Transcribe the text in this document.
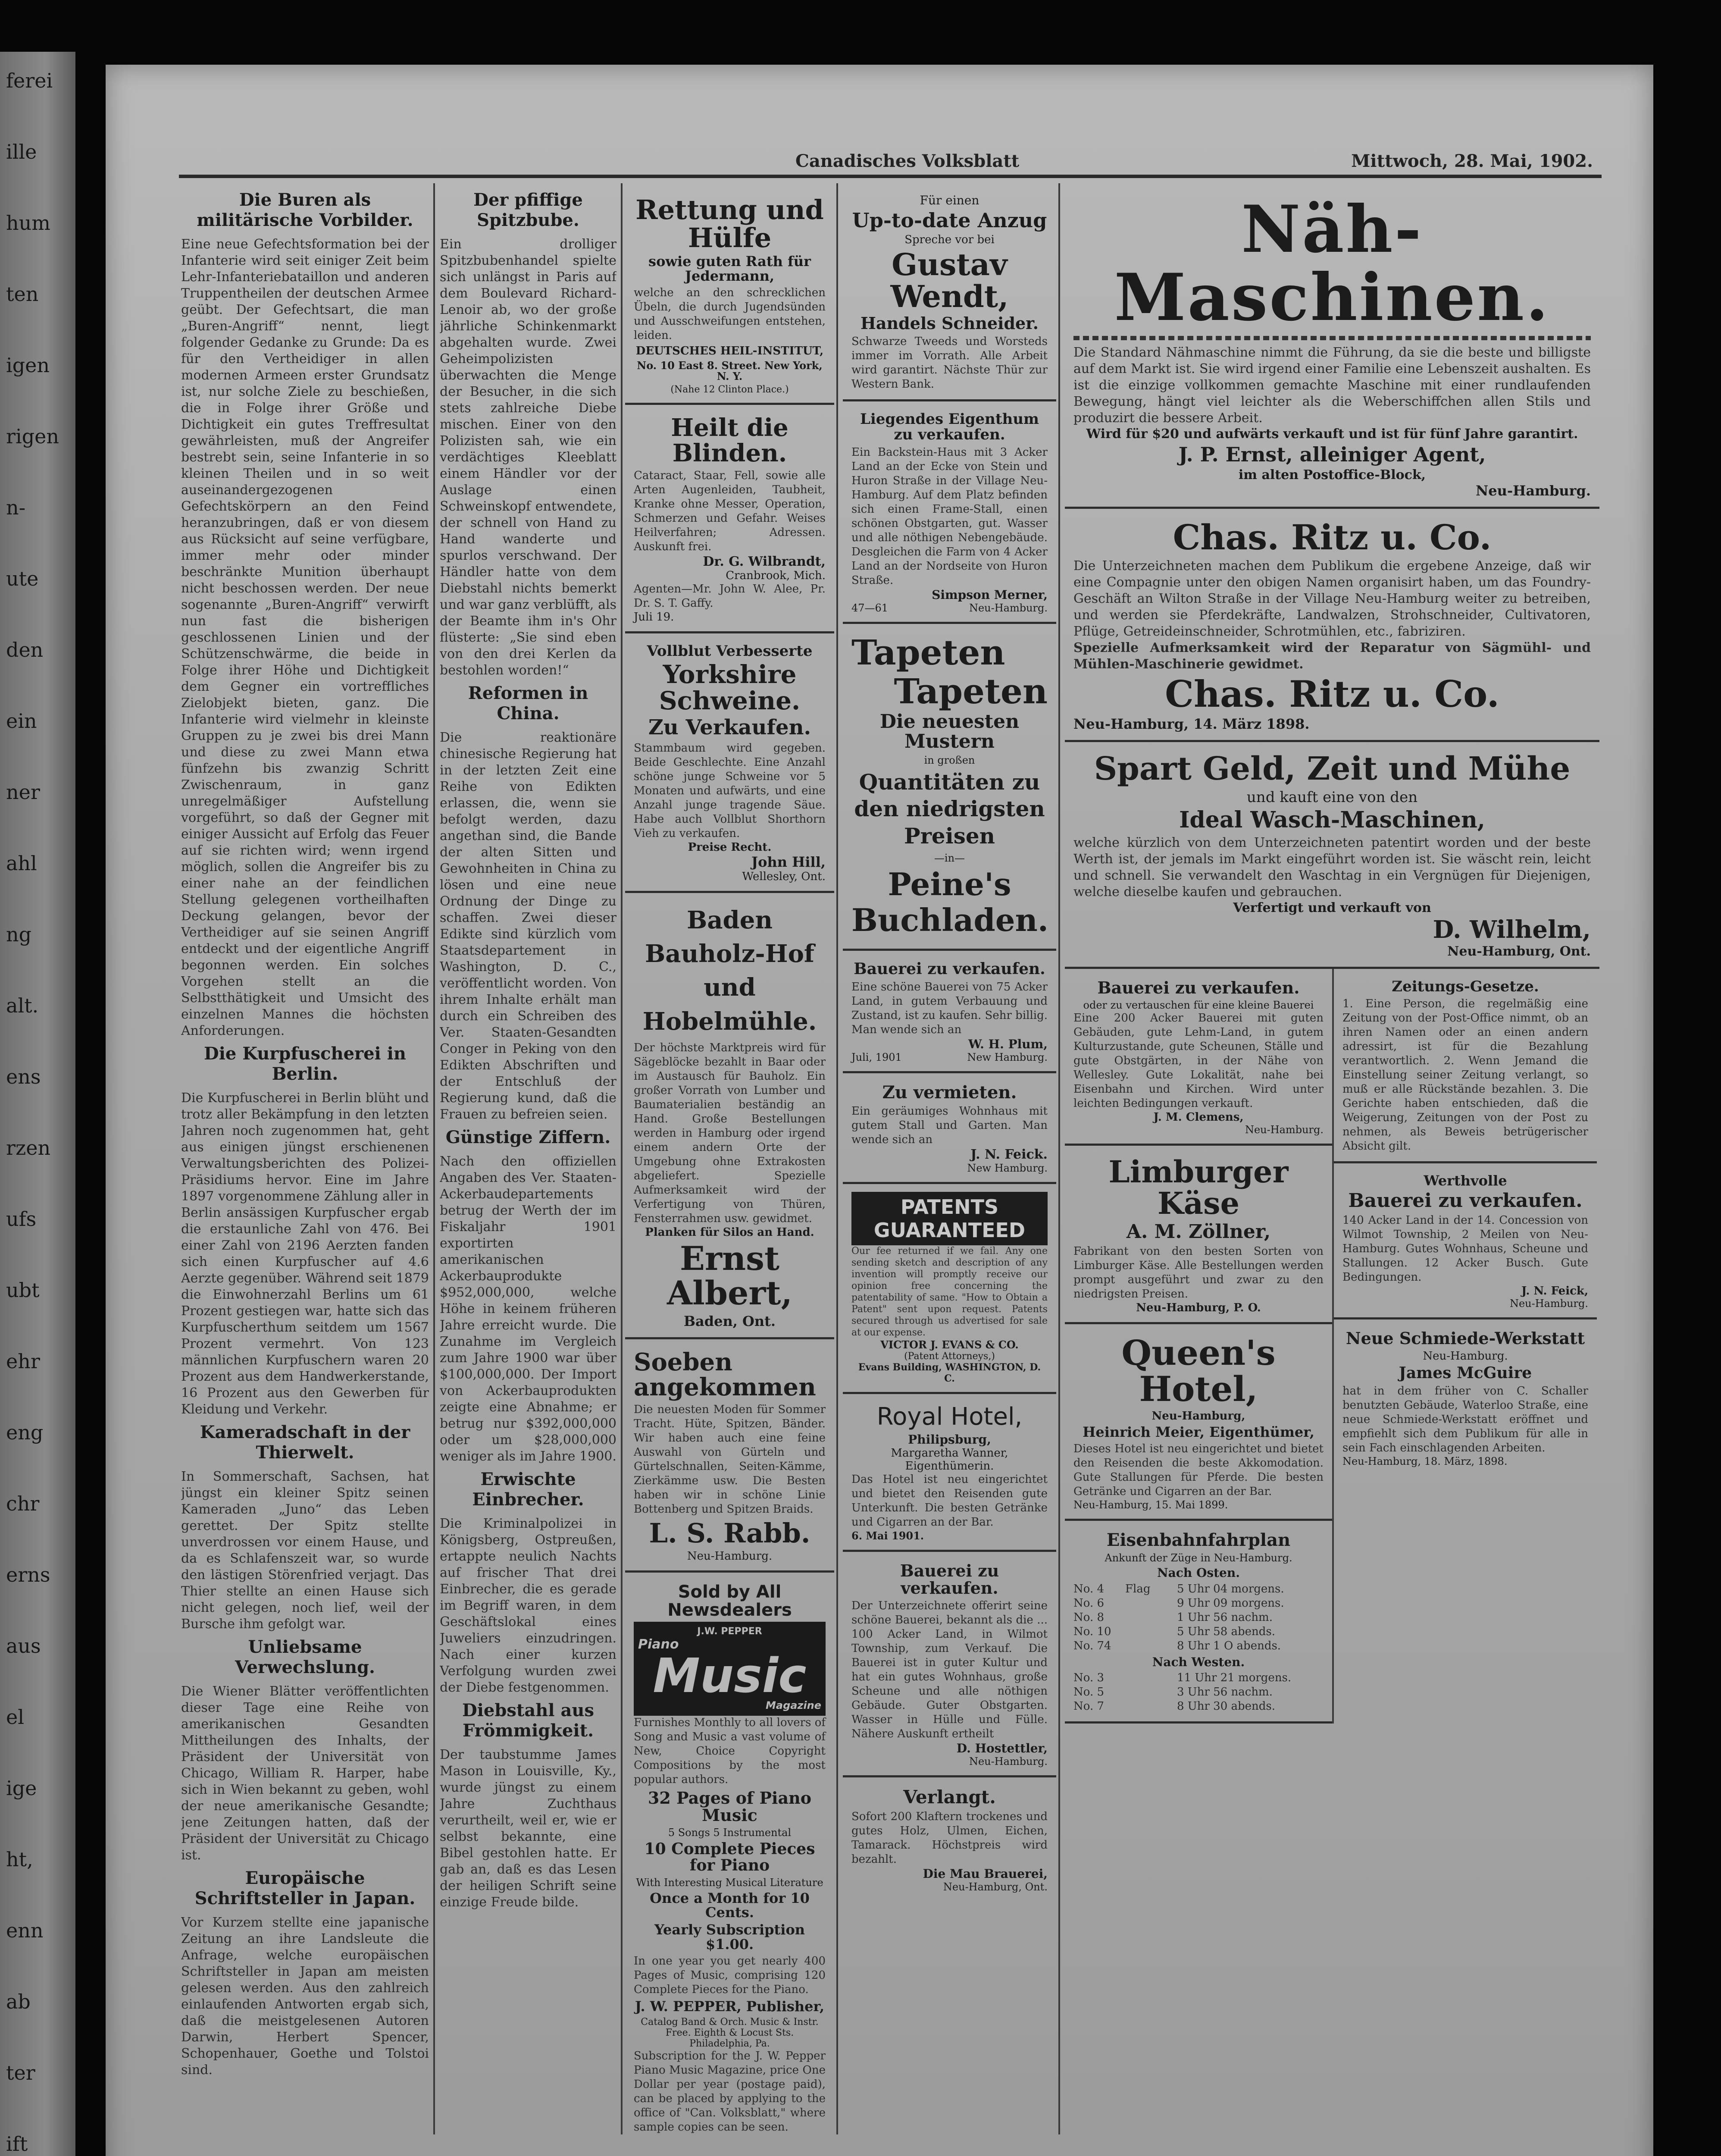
ferei
ille
hum
ten
igen
rigen
n-
ute
den
ein
ner
ahl
ng
alt.
ens
rzen
ufs
ubt
ehr
eng
chr
erns
aus
el
ige
ht,
enn
ab
ter
ift
Canadisches Volksblatt	Mittwoch, 28. Mai, 1902.
Die Buren als militärische Vorbilder.
Eine neue Gefechtsformation bei der Infanterie wird seit einiger Zeit beim Lehr-Infanteriebataillon und anderen Truppentheilen der deutschen Armee geübt. Der Gefechtsart, die man „Buren-Angriff“ nennt, liegt folgender Gedanke zu Grunde: Da es für den Vertheidiger in allen modernen Armeen erster Grundsatz ist, nur solche Ziele zu beschießen, die in Folge ihrer Größe und Dichtigkeit ein gutes Treffresultat gewährleisten, muß der Angreifer bestrebt sein, seine Infanterie in so kleinen Theilen und in so weit auseinandergezogenen Gefechtskörpern an den Feind heranzubringen, daß er von diesem aus Rücksicht auf seine verfügbare, immer mehr oder minder beschränkte Munition überhaupt nicht beschossen werden. Der neue sogenannte „Buren-Angriff“ verwirft nun fast die bisherigen geschlossenen Linien und der Schützenschwärme, die beide in Folge ihrer Höhe und Dichtigkeit dem Gegner ein vortreffliches Zielobjekt bieten, ganz. Die Infanterie wird vielmehr in kleinste Gruppen zu je zwei bis drei Mann und diese zu zwei Mann etwa fünfzehn bis zwanzig Schritt Zwischenraum, in ganz unregelmäßiger Aufstellung vorgeführt, so daß der Gegner mit einiger Aussicht auf Erfolg das Feuer auf sie richten wird; wenn irgend möglich, sollen die Angreifer bis zu einer nahe an der feindlichen Stellung gelegenen vortheilhaften Deckung gelangen, bevor der Vertheidiger auf sie seinen Angriff entdeckt und der eigentliche Angriff begonnen werden. Ein solches Vorgehen stellt an die Selbstthätigkeit und Umsicht des einzelnen Mannes die höchsten Anforderungen.
Die Kurpfuscherei in Berlin.
Die Kurpfuscherei in Berlin blüht und trotz aller Bekämpfung in den letzten Jahren noch zugenommen hat, geht aus einigen jüngst erschienenen Verwaltungsberichten des Polizei-Präsidiums hervor. Eine im Jahre 1897 vorgenommene Zählung aller in Berlin ansässigen Kurpfuscher ergab die erstaunliche Zahl von 476. Bei einer Zahl von 2196 Aerzten fanden sich einen Kurpfuscher auf 4.6 Aerzte gegenüber. Während seit 1879 die Einwohnerzahl Berlins um 61 Prozent gestiegen war, hatte sich das Kurpfuscherthum seitdem um 1567 Prozent vermehrt. Von 123 männlichen Kurpfuschern waren 20 Prozent aus dem Handwerkerstande, 16 Prozent aus den Gewerben für Kleidung und Verkehr.
Kameradschaft in der Thierwelt.
In Sommerschaft, Sachsen, hat jüngst ein kleiner Spitz seinen Kameraden „Juno“ das Leben gerettet. Der Spitz stellte unverdrossen vor einem Hause, und da es Schlafenszeit war, so wurde den lästigen Störenfried verjagt. Das Thier stellte an einen Hause sich nicht gelegen, noch lief, weil der Bursche ihm gefolgt war.
Unliebsame Verwechslung.
Die Wiener Blätter veröffentlichten dieser Tage eine Reihe von amerikanischen Gesandten Mittheilungen des Inhalts, der Präsident der Universität von Chicago, William R. Harper, habe sich in Wien bekannt zu geben, wohl der neue amerikanische Gesandte; jene Zeitungen hatten, daß der Präsident der Universität zu Chicago ist.
Europäische Schriftsteller in Japan.
Vor Kurzem stellte eine japanische Zeitung an ihre Landsleute die Anfrage, welche europäischen Schriftsteller in Japan am meisten gelesen werden. Aus den zahlreich einlaufenden Antworten ergab sich, daß die meistgelesenen Autoren Darwin, Herbert Spencer, Schopenhauer, Goethe und Tolstoi sind.
Der pfiffige Spitzbube.
Ein drolliger Spitzbubenhandel spielte sich unlängst in Paris auf dem Boulevard Richard-Lenoir ab, wo der große jährliche Schinkenmarkt abgehalten wurde. Zwei Geheimpolizisten überwachten die Menge der Besucher, in die sich stets zahlreiche Diebe mischen. Einer von den Polizisten sah, wie ein verdächtiges Kleeblatt einem Händler vor der Auslage einen Schweinskopf entwendete, der schnell von Hand zu Hand wanderte und spurlos verschwand. Der Händler hatte von dem Diebstahl nichts bemerkt und war ganz verblüfft, als der Beamte ihm in's Ohr flüsterte: „Sie sind eben von den drei Kerlen da bestohlen worden!“
Reformen in China.
Die reaktionäre chinesische Regierung hat in der letzten Zeit eine Reihe von Edikten erlassen, die, wenn sie befolgt werden, dazu angethan sind, die Bande der alten Sitten und Gewohnheiten in China zu lösen und eine neue Ordnung der Dinge zu schaffen. Zwei dieser Edikte sind kürzlich vom Staatsdepartement in Washington, D. C., veröffentlicht worden. Von ihrem Inhalte erhält man durch ein Schreiben des Ver. Staaten-Gesandten Conger in Peking von den Edikten Abschriften und der Entschluß der Regierung kund, daß die Frauen zu befreien seien.
Günstige Ziffern.
Nach den offiziellen Angaben des Ver. Staaten-Ackerbaudepartements betrug der Werth der im Fiskaljahr 1901 exportirten amerikanischen Ackerbauprodukte $952,000,000, welche Höhe in keinem früheren Jahre erreicht wurde. Die Zunahme im Vergleich zum Jahre 1900 war über $100,000,000. Der Import von Ackerbauprodukten zeigte eine Abnahme; er betrug nur $392,000,000 oder um $28,000,000 weniger als im Jahre 1900.
Erwischte Einbrecher.
Die Kriminalpolizei in Königsberg, Ostpreußen, ertappte neulich Nachts auf frischer That drei Einbrecher, die es gerade im Begriff waren, in dem Geschäftslokal eines Juweliers einzudringen. Nach einer kurzen Verfolgung wurden zwei der Diebe festgenommen.
Diebstahl aus Frömmigkeit.
Der taubstumme James Mason in Louisville, Ky., wurde jüngst zu einem Jahre Zuchthaus verurtheilt, weil er, wie er selbst bekannte, eine Bibel gestohlen hatte. Er gab an, daß es das Lesen der heiligen Schrift seine einzige Freude bilde.
Rettung und Hülfe
sowie guten Rath für Jedermann,
welche an den schrecklichen Übeln, die durch Jugendsünden und Ausschweifungen entstehen, leiden.
DEUTSCHES HEIL-INSTITUT,
No. 10 East 8. Street. New York, N. Y.
(Nahe 12 Clinton Place.)
Heilt die Blinden.
Cataract, Staar, Fell, sowie alle Arten Augenleiden, Taubheit, Kranke ohne Messer, Operation, Schmerzen und Gefahr. Weises Heilverfahren; Adressen. Auskunft frei.
Dr. G. Wilbrandt,
Cranbrook, Mich.
Agenten—Mr. John W. Alee, Pr. Dr. S. T. Gaffy.
Juli 19.
Vollblut Verbesserte
Yorkshire Schweine.
Zu Verkaufen.
Stammbaum wird gegeben. Beide Geschlechte. Eine Anzahl schöne junge Schweine vor 5 Monaten und aufwärts, und eine Anzahl junge tragende Säue. Habe auch Vollblut Shorthorn Vieh zu verkaufen.
Preise Recht.
John Hill,
Wellesley, Ont.
Baden Bauholz-Hof und Hobelmühle.
Der höchste Marktpreis wird für Sägeblöcke bezahlt in Baar oder im Austausch für Bauholz. Ein großer Vorrath von Lumber und Baumaterialien beständig an Hand. Große Bestellungen werden in Hamburg oder irgend einem andern Orte der Umgebung ohne Extrakosten abgeliefert. Spezielle Aufmerksamkeit wird der Verfertigung von Thüren, Fensterrahmen usw. gewidmet.
Planken für Silos an Hand.
Ernst Albert,
Baden, Ont.
Soeben angekommen
Die neuesten Moden für Sommer Tracht. Hüte, Spitzen, Bänder. Wir haben auch eine feine Auswahl von Gürteln und Gürtelschnallen, Seiten-Kämme, Zierkämme usw. Die Besten haben wir in schöne Linie Bottenberg und Spitzen Braids.
L. S. Rabb.
Neu-Hamburg.
Sold by All Newsdealers
J.W. PEPPER
Piano
Music
Magazine
Furnishes Monthly to all lovers of Song and Music a vast volume of New, Choice Copyright Compositions by the most popular authors.
32 Pages of Piano Music
5 Songs 5 Instrumental
10 Complete Pieces for Piano
With Interesting Musical Literature
Once a Month for 10 Cents.
Yearly Subscription $1.00.
In one year you get nearly 400 Pages of Music, comprising 120 Complete Pieces for the Piano.
J. W. PEPPER, Publisher,
Catalog Band & Orch. Music & Instr. Free. Eighth & Locust Sts. Philadelphia, Pa.
Subscription for the J. W. Pepper Piano Music Magazine, price One Dollar per year (postage paid), can be placed by applying to the office of "Can. Volksblatt," where sample copies can be seen.
Für einen
Up-to-date Anzug
Spreche vor bei
Gustav Wendt,
Handels Schneider.
Schwarze Tweeds und Worsteds immer im Vorrath. Alle Arbeit wird garantirt. Nächste Thür zur Western Bank.
Liegendes Eigenthum zu verkaufen.
Ein Backstein-Haus mit 3 Acker Land an der Ecke von Stein und Huron Straße in der Village Neu-Hamburg. Auf dem Platz befinden sich einen Frame-Stall, einen schönen Obstgarten, gut. Wasser und alle nöthigen Nebengebäude. Desgleichen die Farm von 4 Acker Land an der Nordseite von Huron Straße.
Simpson Merner,
47—61	Neu-Hamburg.
Tapeten
Tapeten
Die neuesten Mustern
in großen
Quantitäten zu den niedrigsten Preisen
—in—
Peine's Buchladen.
Bauerei zu verkaufen.
Eine schöne Bauerei von 75 Acker Land, in gutem Verbauung und Zustand, ist zu kaufen. Sehr billig. Man wende sich an
W. H. Plum,
Juli, 1901	New Hamburg.
Zu vermieten.
Ein geräumiges Wohnhaus mit gutem Stall und Garten. Man wende sich an
J. N. Feick.
New Hamburg.
PATENTS GUARANTEED
Our fee returned if we fail. Any one sending sketch and description of any invention will promptly receive our opinion free concerning the patentability of same. "How to Obtain a Patent" sent upon request. Patents secured through us advertised for sale at our expense.
VICTOR J. EVANS & CO.
(Patent Attorneys,)
Evans Building, WASHINGTON, D. C.
Royal Hotel,
Philipsburg,
Margaretha Wanner, Eigenthümerin.
Das Hotel ist neu eingerichtet und bietet den Reisenden gute Unterkunft. Die besten Getränke und Cigarren an der Bar.
6. Mai 1901.
Bauerei zu verkaufen.
Der Unterzeichnete offerirt seine schöne Bauerei, bekannt als die ... 100 Acker Land, in Wilmot Township, zum Verkauf. Die Bauerei ist in guter Kultur und hat ein gutes Wohnhaus, große Scheune und alle nöthigen Gebäude. Guter Obstgarten. Wasser in Hülle und Fülle. Nähere Auskunft ertheilt
D. Hostettler,
Neu-Hamburg.
Verlangt.
Sofort 200 Klaftern trockenes und gutes Holz, Ulmen, Eichen, Tamarack. Höchstpreis wird bezahlt.
Die Mau Brauerei,
Neu-Hamburg, Ont.
Näh-Maschinen.
Die Standard Nähmaschine nimmt die Führung, da sie die beste und billigste auf dem Markt ist. Sie wird irgend einer Familie eine Lebenszeit aushalten. Es ist die einzige vollkommen gemachte Maschine mit einer rundlaufenden Bewegung, hängt viel leichter als die Weberschiffchen allen Stils und produzirt die bessere Arbeit.
Wird für $20 und aufwärts verkauft und ist für fünf Jahre garantirt.
J. P. Ernst, alleiniger Agent,
im alten Postoffice-Block,
Neu-Hamburg.
Chas. Ritz u. Co.
Die Unterzeichneten machen dem Publikum die ergebene Anzeige, daß wir eine Compagnie unter den obigen Namen organisirt haben, um das Foundry-Geschäft an Wilton Straße in der Village Neu-Hamburg weiter zu betreiben, und werden sie Pferdekräfte, Landwalzen, Strohschneider, Cultivatoren, Pflüge, Getreideinschneider, Schrotmühlen, etc., fabriziren.
Spezielle Aufmerksamkeit wird der Reparatur von Sägmühl- und Mühlen-Maschinerie gewidmet.
Chas. Ritz u. Co.
Neu-Hamburg, 14. März 1898.
Spart Geld, Zeit und Mühe
und kauft eine von den
Ideal Wasch-Maschinen,
welche kürzlich von dem Unterzeichneten patentirt worden und der beste Werth ist, der jemals im Markt eingeführt worden ist. Sie wäscht rein, leicht und schnell. Sie verwandelt den Waschtag in ein Vergnügen für Diejenigen, welche dieselbe kaufen und gebrauchen.
Verfertigt und verkauft von
D. Wilhelm,
Neu-Hamburg, Ont.
Bauerei zu verkaufen.
oder zu vertauschen für eine kleine Bauerei
Eine 200 Acker Bauerei mit guten Gebäuden, gute Lehm-Land, in gutem Kulturzustande, gute Scheunen, Ställe und gute Obstgärten, in der Nähe von Wellesley. Gute Lokalität, nahe bei Eisenbahn und Kirchen. Wird unter leichten Bedingungen verkauft.
J. M. Clemens,
Neu-Hamburg.
Limburger Käse
A. M. Zöllner,
Fabrikant von den besten Sorten von Limburger Käse. Alle Bestellungen werden prompt ausgeführt und zwar zu den niedrigsten Preisen.
Neu-Hamburg, P. O.
Queen's Hotel,
Neu-Hamburg,
Heinrich Meier, Eigenthümer,
Dieses Hotel ist neu eingerichtet und bietet den Reisenden die beste Akkomodation. Gute Stallungen für Pferde. Die besten Getränke und Cigarren an der Bar.
Neu-Hamburg, 15. Mai 1899.
Eisenbahnfahrplan
Ankunft der Züge in Neu-Hamburg.
Nach Osten.
No. 4	Flag	5 Uhr 04 morgens.
No. 6	9 Uhr 09 morgens.
No. 8	1 Uhr 56 nachm.
No. 10	5 Uhr 58 abends.
No. 74	8 Uhr 1 O abends.
Nach Westen.
No. 3	11 Uhr 21 morgens.
No. 5	3 Uhr 56 nachm.
No. 7	8 Uhr 30 abends.
Zeitungs-Gesetze.
1. Eine Person, die regelmäßig eine Zeitung von der Post-Office nimmt, ob an ihren Namen oder an einen andern adressirt, ist für die Bezahlung verantwortlich. 2. Wenn Jemand die Einstellung seiner Zeitung verlangt, so muß er alle Rückstände bezahlen. 3. Die Gerichte haben entschieden, daß die Weigerung, Zeitungen von der Post zu nehmen, als Beweis betrügerischer Absicht gilt.
Werthvolle
Bauerei zu verkaufen.
140 Acker Land in der 14. Concession von Wilmot Township, 2 Meilen von Neu-Hamburg. Gutes Wohnhaus, Scheune und Stallungen. 12 Acker Busch. Gute Bedingungen.
J. N. Feick,
Neu-Hamburg.
Neue Schmiede-Werkstatt
Neu-Hamburg.
James McGuire
hat in dem früher von C. Schaller benutzten Gebäude, Waterloo Straße, eine neue Schmiede-Werkstatt eröffnet und empfiehlt sich dem Publikum für alle in sein Fach einschlagenden Arbeiten.
Neu-Hamburg, 18. März, 1898.
